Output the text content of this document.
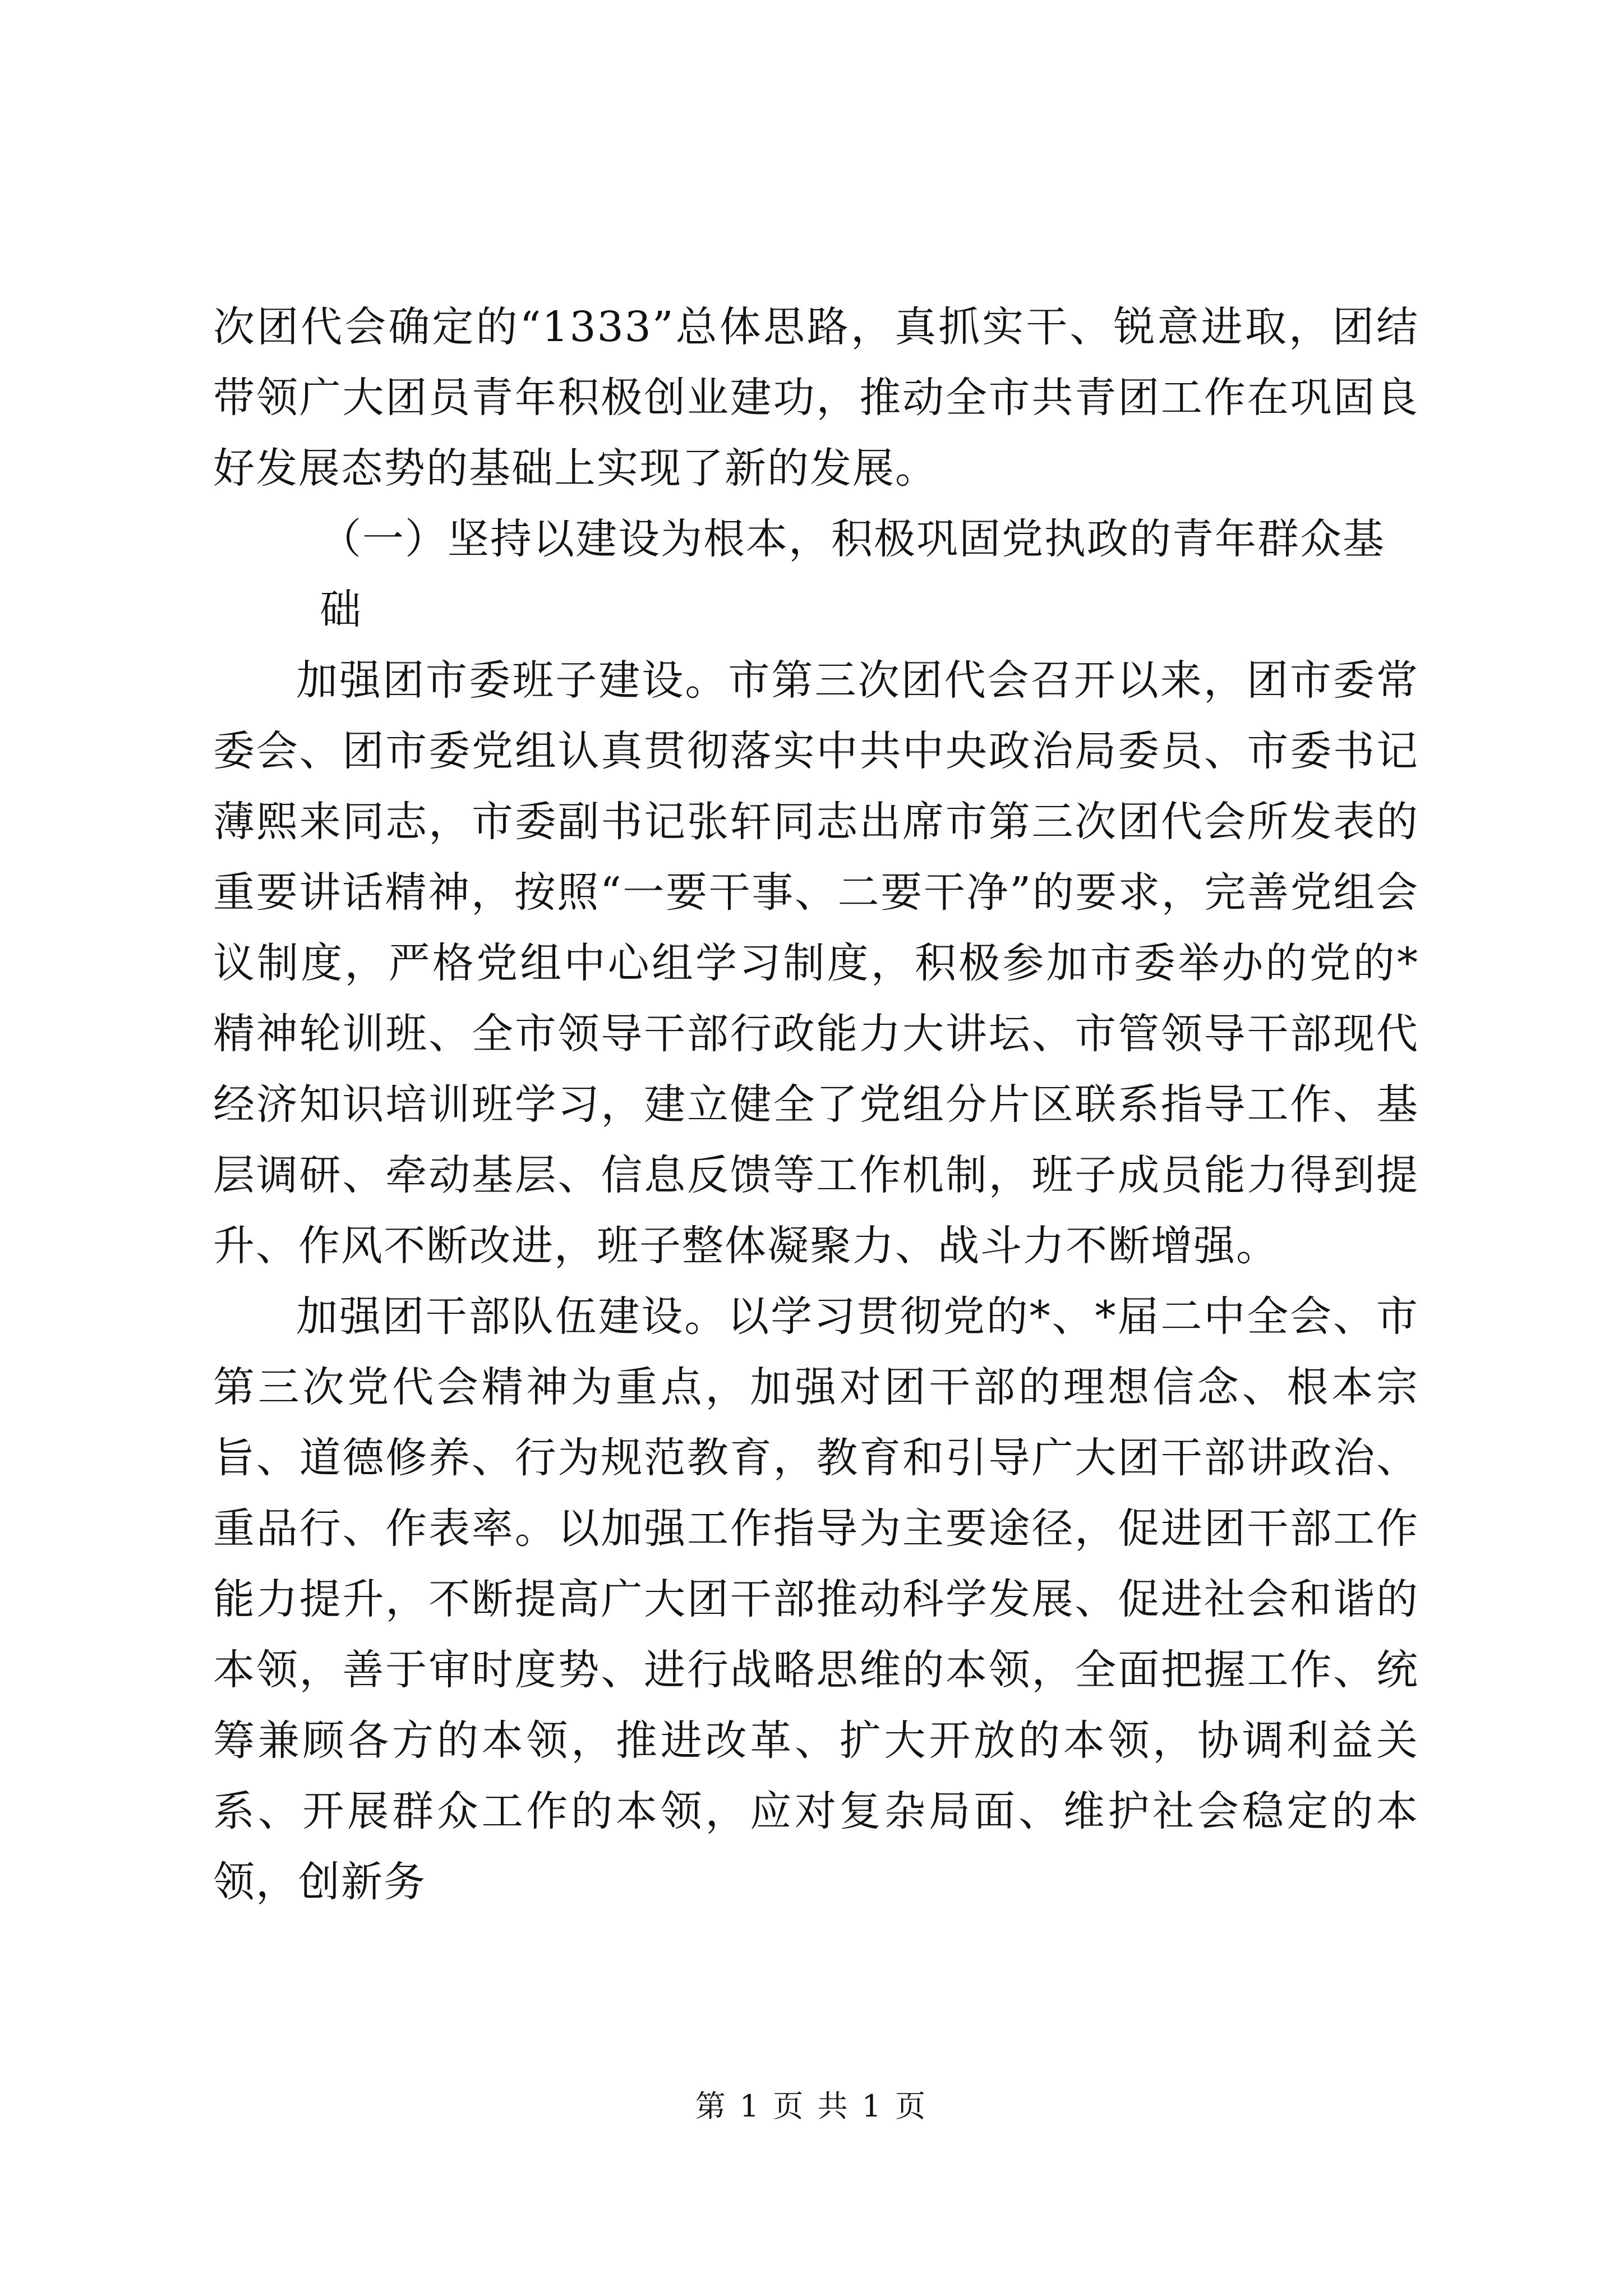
次团代会确定的“1333”总体思路，真抓实干、锐意进取，团结带领广大团员青年积极创业建功，推动全市共青团工作在巩固良好发展态势的基础上实现了新的发展。

（一）坚持以建设为根本，积极巩固党执政的青年群众基础

加强团市委班子建设。市第三次团代会召开以来，团市委常委会、团市委党组认真贯彻落实中共中央政治局委员、市委书记薄熙来同志，市委副书记张轩同志出席市第三次团代会所发表的重要讲话精神，按照“一要干事、二要干净”的要求，完善党组会议制度，严格党组中心组学习制度，积极参加市委举办的党的*精神轮训班、全市领导干部行政能力大讲坛、市管领导干部现代经济知识培训班学习，建立健全了党组分片区联系指导工作、基层调研、牵动基层、信息反馈等工作机制，班子成员能力得到提升、作风不断改进，班子整体凝聚力、战斗力不断增强。

加强团干部队伍建设。以学习贯彻党的*、*届二中全会、市第三次党代会精神为重点，加强对团干部的理想信念、根本宗旨、道德修养、行为规范教育，教育和引导广大团干部讲政治、重品行、作表率。以加强工作指导为主要途径，促进团干部工作能力提升，不断提高广大团干部推动科学发展、促进社会和谐的本领，善于审时度势、进行战略思维的本领，全面把握工作、统筹兼顾各方的本领，推进改革、扩大开放的本领，协调利益关系、开展群众工作的本领，应对复杂局面、维护社会稳定的本领，创新务

第 1 页 共 1 页
